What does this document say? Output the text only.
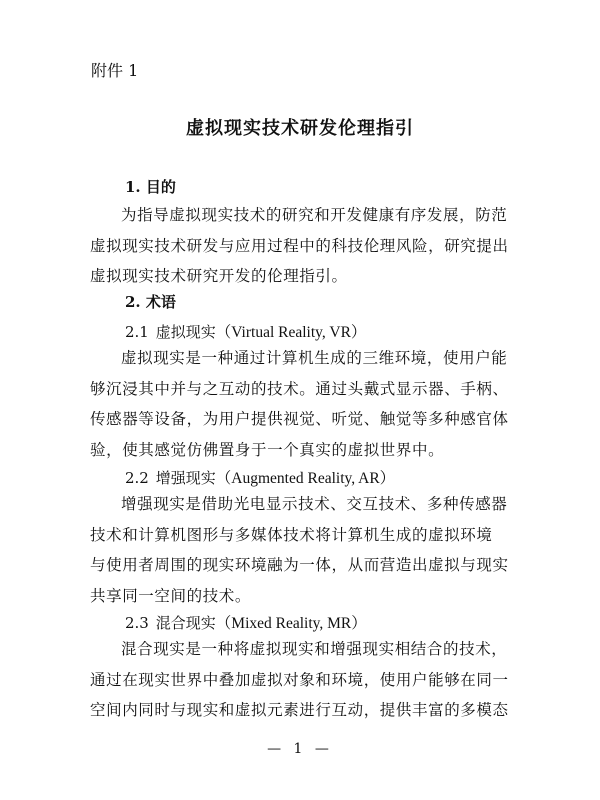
附件 1
虚拟现实技术研发伦理指引
1. 目的
为指导虚拟现实技术的研究和开发健康有序发展，防范
虚拟现实技术研发与应用过程中的科技伦理风险，研究提出
虚拟现实技术研究开发的伦理指引。
2. 术语
2.1 虚拟现实（Virtual Reality, VR）
虚拟现实是一种通过计算机生成的三维环境，使用户能
够沉浸其中并与之互动的技术。通过头戴式显示器、手柄、
传感器等设备，为用户提供视觉、听觉、触觉等多种感官体
验，使其感觉仿佛置身于一个真实的虚拟世界中。
2.2 增强现实（Augmented Reality, AR）
增强现实是借助光电显示技术、交互技术、多种传感器
技术和计算机图形与多媒体技术将计算机生成的虚拟环境
与使用者周围的现实环境融为一体，从而营造出虚拟与现实
共享同一空间的技术。
2.3 混合现实（Mixed Reality, MR）
混合现实是一种将虚拟现实和增强现实相结合的技术，
通过在现实世界中叠加虚拟对象和环境，使用户能够在同一
空间内同时与现实和虚拟元素进行互动，提供丰富的多模态
— 1 —
